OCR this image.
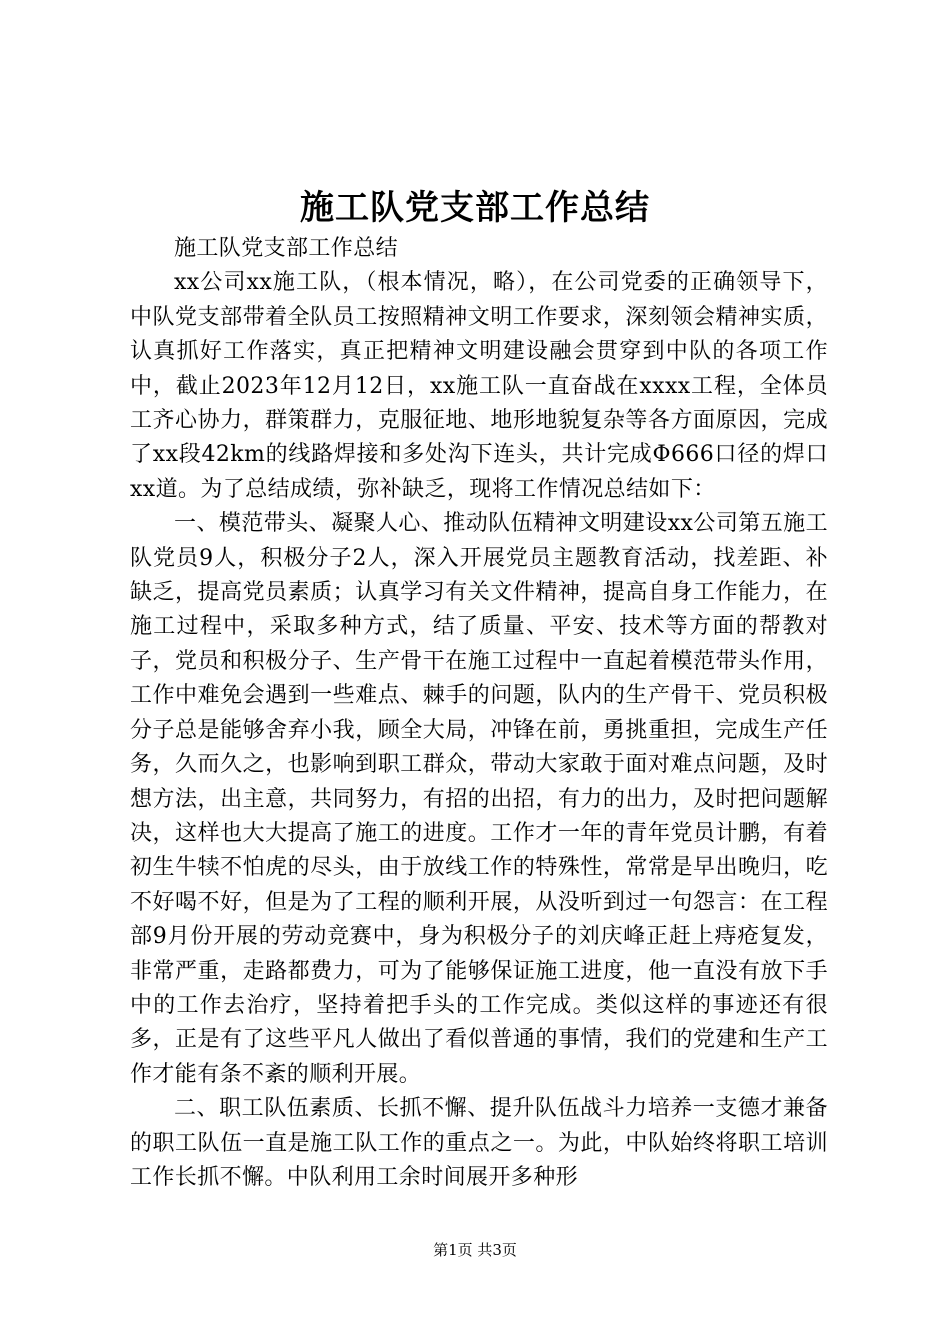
施工队党支部工作总结

施工队党支部工作总结

xx公司xx施工队，（根本情况，略），在公司党委的正确领导下，中队党支部带着全队员工按照精神文明工作要求，深刻领会精神实质，认真抓好工作落实，真正把精神文明建设融会贯穿到中队的各项工作中，截止2023年12月12日，xx施工队一直奋战在xxxx工程，全体员工齐心协力，群策群力，克服征地、地形地貌复杂等各方面原因，完成了xx段42km的线路焊接和多处沟下连头，共计完成Φ666口径的焊口xx道。为了总结成绩，弥补缺乏，现将工作情况总结如下：

一、模范带头、凝聚人心、推动队伍精神文明建设xx公司第五施工队党员9人，积极分子2人，深入开展党员主题教育活动，找差距、补缺乏，提高党员素质；认真学习有关文件精神，提高自身工作能力，在施工过程中，采取多种方式，结了质量、平安、技术等方面的帮教对子，党员和积极分子、生产骨干在施工过程中一直起着模范带头作用，工作中难免会遇到一些难点、棘手的问题，队内的生产骨干、党员积极分子总是能够舍弃小我，顾全大局，冲锋在前，勇挑重担，完成生产任务，久而久之，也影响到职工群众，带动大家敢于面对难点问题，及时想方法，出主意，共同努力，有招的出招，有力的出力，及时把问题解决，这样也大大提高了施工的进度。工作才一年的青年党员计鹏，有着初生牛犊不怕虎的尽头，由于放线工作的特殊性，常常是早出晚归，吃不好喝不好，但是为了工程的顺利开展，从没听到过一句怨言：在工程部9月份开展的劳动竞赛中，身为积极分子的刘庆峰正赶上痔疮复发，非常严重，走路都费力，可为了能够保证施工进度，他一直没有放下手中的工作去治疗，坚持着把手头的工作完成。类似这样的事迹还有很多，正是有了这些平凡人做出了看似普通的事情，我们的党建和生产工作才能有条不紊的顺利开展。

二、职工队伍素质、长抓不懈、提升队伍战斗力培养一支德才兼备的职工队伍一直是施工队工作的重点之一。为此，中队始终将职工培训工作长抓不懈。中队利用工余时间展开多种形

第1页 共3页
